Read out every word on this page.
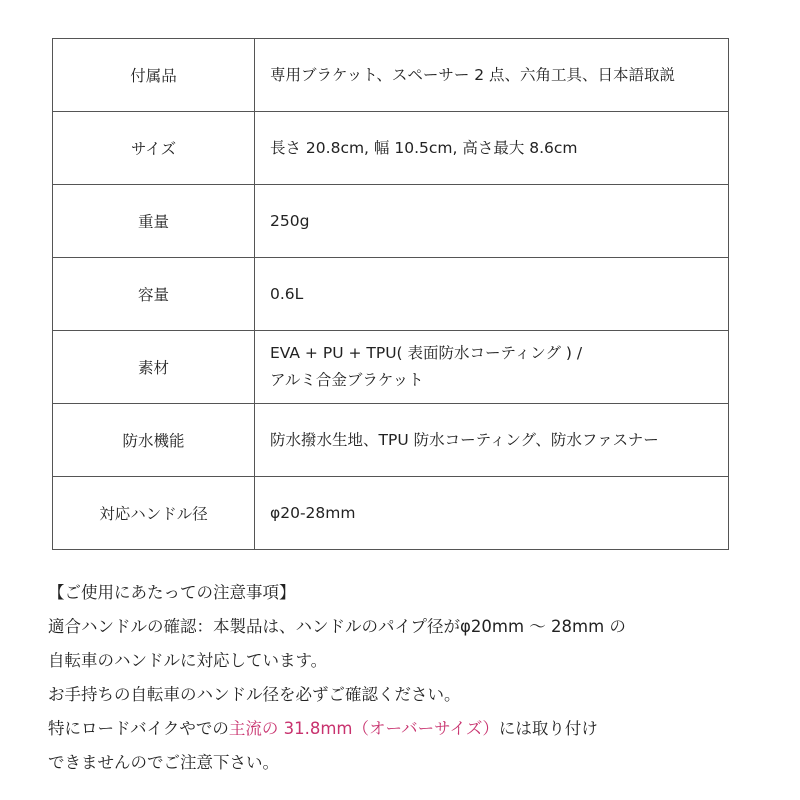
付属品	専用ブラケット、スペーサー 2 点、六角工具、日本語取説
サイズ	長さ 20.8cm, 幅 10.5cm, 高さ最大 8.6cm
重量	250g
容量	0.6L
素材	EVA + PU + TPU( 表面防水コーティング ) /
アルミ合金ブラケット
防水機能	防水撥水生地、TPU 防水コーティング、防水ファスナー
対応ハンドル径	φ20-28mm
【ご使用にあたっての注意事項】
適合ハンドルの確認：本製品は、ハンドルのパイプ径がφ20mm ～ 28mm の
自転車のハンドルに対応しています。
お手持ちの自転車のハンドル径を必ずご確認ください。
特にロードバイクやでの主流の 31.8mm（オーバーサイズ）には取り付け
できませんのでご注意下さい。
